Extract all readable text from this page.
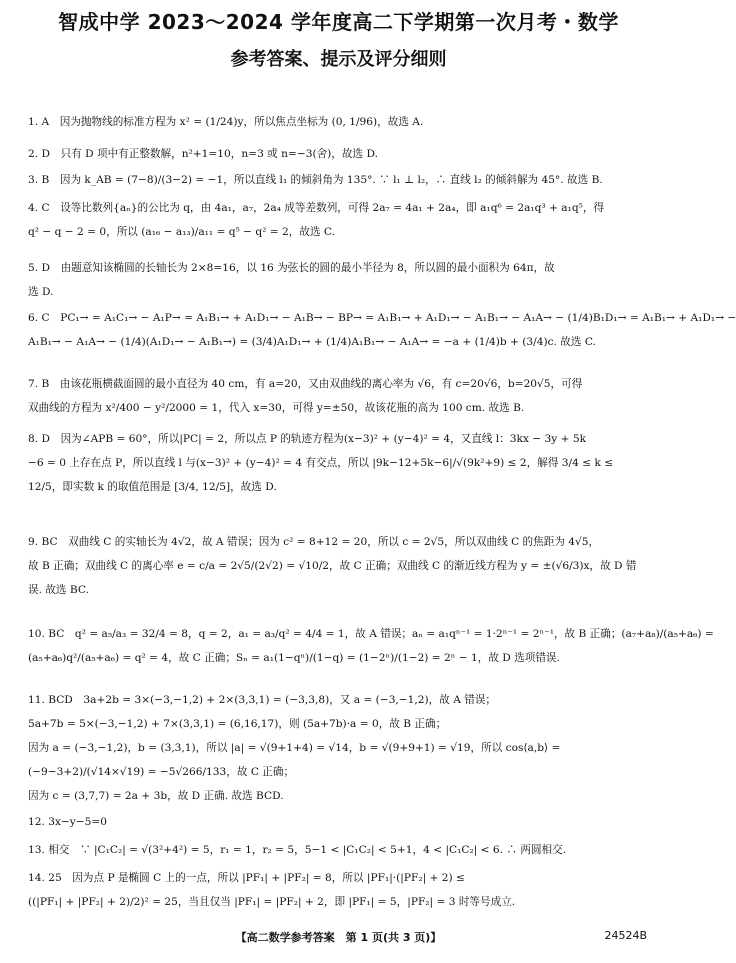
智成中学 2023～2024 学年度高二下学期第一次月考・数学
参考答案、提示及评分细则
1. A　 因为抛物线的标准方程为 x² = (1/24)y，所以焦点坐标为 (0, 1/96)，故选 A.
2. D　 只有 D 项中有正整数解，n²+1=10，n=3 或 n=−3(舍)，故选 D.
3. B　 因为 k_AB = (7−8)/(3−2) = −1，所以直线 l₁ 的倾斜角为 135°. ∵ l₁ ⊥ l₂，∴ 直线 l₂ 的倾斜解为 45°. 故选 B.
4. C　 设等比数列{aₙ}的公比为 q，由 4a₁，a₇，2a₄ 成等差数列，可得 2a₇ = 4a₁ + 2a₄，即 a₁q⁶ = 2a₁q³ + a₁q⁵，得
q² − q − 2 = 0，所以 (a₁₆ − a₁₃)/a₁₁ = q⁵ − q² = 2，故选 C.
5. D　 由题意知该椭圆的长轴长为 2×8=16，以 16 为弦长的圆的最小半径为 8，所以圆的最小面积为 64π，故
选 D.
6. C　 PC₁→ = A₁C₁→ − A₁P→ = A₁B₁→ + A₁D₁→ − A₁B→ − BP→ = A₁B₁→ + A₁D₁→ − A₁B₁→ − A₁A→ − (1/4)B₁D₁→ = A₁B₁→ + A₁D₁→ −
A₁B₁→ − A₁A→ − (1/4)(A₁D₁→ − A₁B₁→) = (3/4)A₁D₁→ + (1/4)A₁B₁→ − A₁A→ = −a + (1/4)b + (3/4)c. 故选 C.
7. B　 由该花瓶横截面圆的最小直径为 40 cm，有 a=20，又由双曲线的离心率为 √6，有 c=20√6，b=20√5，可得
双曲线的方程为 x²/400 − y²/2000 = 1，代入 x=30，可得 y=±50，故该花瓶的高为 100 cm. 故选 B.
8. D　 因为∠APB = 60°，所以|PC| = 2，所以点 P 的轨迹方程为(x−3)² + (y−4)² = 4，又直线 l：3kx − 3y + 5k
−6 = 0 上存在点 P，所以直线 l 与(x−3)² + (y−4)² = 4 有交点，所以 |9k−12+5k−6|/√(9k²+9) ≤ 2，解得 3/4 ≤ k ≤
12/5，即实数 k 的取值范围是 [3/4, 12/5]，故选 D.
9. BC　 双曲线 C 的实轴长为 4√2，故 A 错误；因为 c² = 8+12 = 20，所以 c = 2√5，所以双曲线 C 的焦距为 4√5，
故 B 正确；双曲线 C 的离心率 e = c/a = 2√5/(2√2) = √10/2，故 C 正确；双曲线 C 的渐近线方程为 y = ±(√6/3)x，故 D 错
误. 故选 BC.
10. BC　 q² = a₅/a₃ = 32/4 = 8，q = 2，a₁ = a₃/q² = 4/4 = 1，故 A 错误；aₙ = a₁qⁿ⁻¹ = 1·2ⁿ⁻¹ = 2ⁿ⁻¹，故 B 正确；(a₇+a₈)/(a₅+a₆) =
(a₅+a₆)q²/(a₅+a₆) = q² = 4，故 C 正确；Sₙ = a₁(1−qⁿ)/(1−q) = (1−2ⁿ)/(1−2) = 2ⁿ − 1，故 D 选项错误.
11. BCD　 3a+2b = 3×(−3,−1,2) + 2×(3,3,1) = (−3,3,8)，又 a = (−3,−1,2)，故 A 错误；
5a+7b = 5×(−3,−1,2) + 7×(3,3,1) = (6,16,17)，则 (5a+7b)·a = 0，故 B 正确；
因为 a = (−3,−1,2)，b = (3,3,1)，所以 |a| = √(9+1+4) = √14，b = √(9+9+1) = √19，所以 cos⟨a,b⟩ =
(−9−3+2)/(√14×√19) = −5√266/133，故 C 正确；
因为 c = (3,7,7) = 2a + 3b，故 D 正确. 故选 BCD.
12. 3x−y−5=0　
13. 相交　 ∵ |C₁C₂| = √(3²+4²) = 5，r₁ = 1，r₂ = 5，5−1 < |C₁C₂| < 5+1，4 < |C₁C₂| < 6. ∴ 两圆相交.
14. 25　 因为点 P 是椭圆 C 上的一点，所以 |PF₁| + |PF₂| = 8，所以 |PF₁|·(|PF₂| + 2) ≤
((|PF₁| + |PF₂| + 2)/2)² = 25，当且仅当 |PF₁| = |PF₂| + 2，即 |PF₁| = 5，|PF₂| = 3 时等号成立.
【高二数学参考答案　第 1 页(共 3 页)】	24524B
